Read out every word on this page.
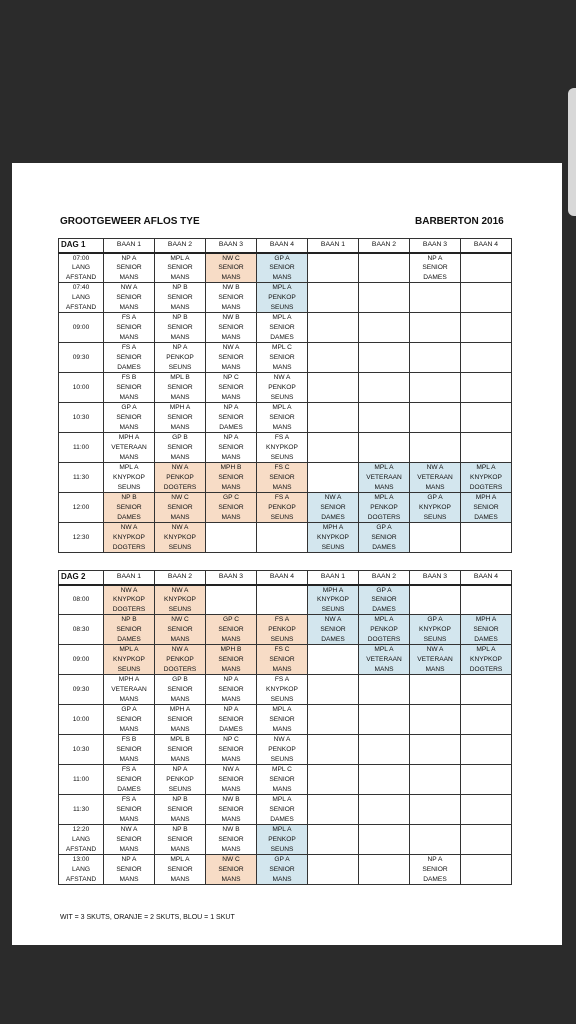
GROOTGEWEER AFLOS TYE	BARBERTON 2016
DAG 1	BAAN 1	BAAN 2	BAAN 3	BAAN 4	BAAN 1	BAAN 2	BAAN 3	BAAN 4
07:00
LANG
AFSTAND	NP A
SENIOR
MANS	MPL A
SENIOR
MANS	NW C
SENIOR
MANS	GP A
SENIOR
MANS			NP A
SENIOR
DAMES	
07:40
LANG
AFSTAND	NW A
SENIOR
MANS	NP B
SENIOR
MANS	NW B
SENIOR
MANS	MPL A
PENKOP
SEUNS				
09:00	FS A
SENIOR
MANS	NP B
SENIOR
MANS	NW B
SENIOR
MANS	MPL A
SENIOR
DAMES				
09:30	FS A
SENIOR
DAMES	NP A
PENKOP
SEUNS	NW A
SENIOR
MANS	MPL C
SENIOR
MANS				
10:00	FS B
SENIOR
MANS	MPL B
SENIOR
MANS	NP C
SENIOR
MANS	NW A
PENKOP
SEUNS				
10:30	GP A
SENIOR
MANS	MPH A
SENIOR
MANS	NP A
SENIOR
DAMES	MPL A
SENIOR
MANS				
11:00	MPH A
VETERAAN
MANS	GP B
SENIOR
MANS	NP A
SENIOR
MANS	FS A
KNYPKOP
SEUNS				
11:30	MPL A
KNYPKOP
SEUNS	NW A
PENKOP
DOGTERS	MPH B
SENIOR
MANS	FS C
SENIOR
MANS		MPL A
VETERAAN
MANS	NW A
VETERAAN
MANS	MPL A
KNYPKOP
DOGTERS
12:00	NP B
SENIOR
DAMES	NW C
SENIOR
MANS	GP C
SENIOR
MANS	FS A
PENKOP
SEUNS	NW A
SENIOR
DAMES	MPL A
PENKOP
DOGTERS	GP A
KNYPKOP
SEUNS	MPH A
SENIOR
DAMES
12:30	NW A
KNYPKOP
DOGTERS	NW A
KNYPKOP
SEUNS			MPH A
KNYPKOP
SEUNS	GP A
SENIOR
DAMES		
DAG 2	BAAN 1	BAAN 2	BAAN 3	BAAN 4	BAAN 1	BAAN 2	BAAN 3	BAAN 4
08:00	NW A
KNYPKOP
DOGTERS	NW A
KNYPKOP
SEUNS			MPH A
KNYPKOP
SEUNS	GP A
SENIOR
DAMES		
08:30	NP B
SENIOR
DAMES	NW C
SENIOR
MANS	GP C
SENIOR
MANS	FS A
PENKOP
SEUNS	NW A
SENIOR
DAMES	MPL A
PENKOP
DOGTERS	GP A
KNYPKOP
SEUNS	MPH A
SENIOR
DAMES
09:00	MPL A
KNYPKOP
SEUNS	NW A
PENKOP
DOGTERS	MPH B
SENIOR
MANS	FS C
SENIOR
MANS		MPL A
VETERAAN
MANS	NW A
VETERAAN
MANS	MPL A
KNYPKOP
DOGTERS
09:30	MPH A
VETERAAN
MANS	GP B
SENIOR
MANS	NP A
SENIOR
MANS	FS A
KNYPKOP
SEUNS				
10:00	GP A
SENIOR
MANS	MPH A
SENIOR
MANS	NP A
SENIOR
DAMES	MPL A
SENIOR
MANS				
10:30	FS B
SENIOR
MANS	MPL B
SENIOR
MANS	NP C
SENIOR
MANS	NW A
PENKOP
SEUNS				
11:00	FS A
SENIOR
DAMES	NP A
PENKOP
SEUNS	NW A
SENIOR
MANS	MPL C
SENIOR
MANS				
11:30	FS A
SENIOR
MANS	NP B
SENIOR
MANS	NW B
SENIOR
MANS	MPL A
SENIOR
DAMES				
12:20
LANG
AFSTAND	NW A
SENIOR
MANS	NP B
SENIOR
MANS	NW B
SENIOR
MANS	MPL A
PENKOP
SEUNS				
13:00
LANG
AFSTAND	NP A
SENIOR
MANS	MPL A
SENIOR
MANS	NW C
SENIOR
MANS	GP A
SENIOR
MANS			NP A
SENIOR
DAMES	
WIT = 3 SKUTS, ORANJE = 2 SKUTS, BLOU = 1 SKUT
